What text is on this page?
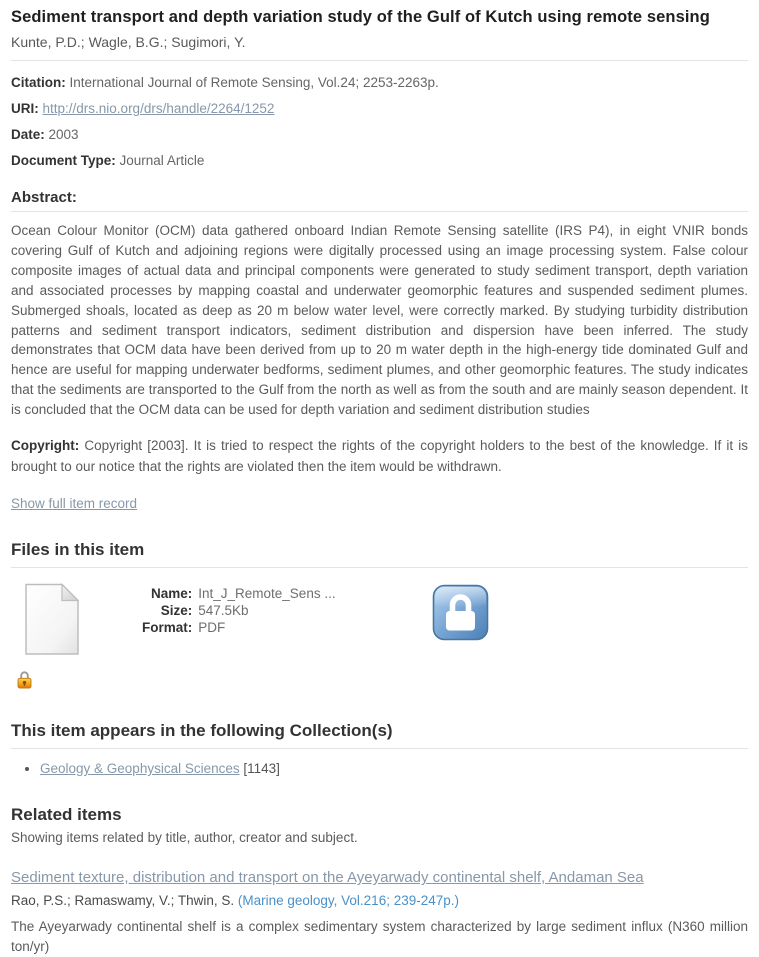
Sediment transport and depth variation study of the Gulf of Kutch using remote sensing
Kunte, P.D.; Wagle, B.G.; Sugimori, Y.
Citation: International Journal of Remote Sensing, Vol.24; 2253-2263p.
URI: http://drs.nio.org/drs/handle/2264/1252
Date: 2003
Document Type: Journal Article
Abstract:

Ocean Colour Monitor (OCM) data gathered onboard Indian Remote Sensing satellite (IRS P4), in eight VNIR bonds covering Gulf of Kutch and adjoining regions were digitally processed using an image processing system. False colour composite images of actual data and principal components were generated to study sediment transport, depth variation and associated processes by mapping coastal and underwater geomorphic features and suspended sediment plumes. Submerged shoals, located as deep as 20 m below water level, were correctly marked. By studying turbidity distribution patterns and sediment transport indicators, sediment distribution and dispersion have been inferred. The study demonstrates that OCM data have been derived from up to 20 m water depth in the high-energy tide dominated Gulf and hence are useful for mapping underwater bedforms, sediment plumes, and other geomorphic features. The study indicates that the sediments are transported to the Gulf from the north as well as from the south and are mainly season dependent. It is concluded that the OCM data can be used for depth variation and sediment distribution studies

Copyright: Copyright [2003]. It is tried to respect the rights of the copyright holders to the best of the knowledge. If it is brought to our notice that the rights are violated then the item would be withdrawn.

Show full item record
Files in this item
Name: Int_J_Remote_Sens ...
Size: 547.5Kb
Format: PDF
This item appears in the following Collection(s)
• Geology & Geophysical Sciences [1143]
Related items

Showing items related by title, author, creator and subject.

Sediment texture, distribution and transport on the Ayeyarwady continental shelf, Andaman Sea
Rao, P.S.; Ramaswamy, V.; Thwin, S. (Marine geology, Vol.216; 239-247p.)

The Ayeyarwady continental shelf is a complex sedimentary system characterized by large sediment influx (N360 million ton/yr)
